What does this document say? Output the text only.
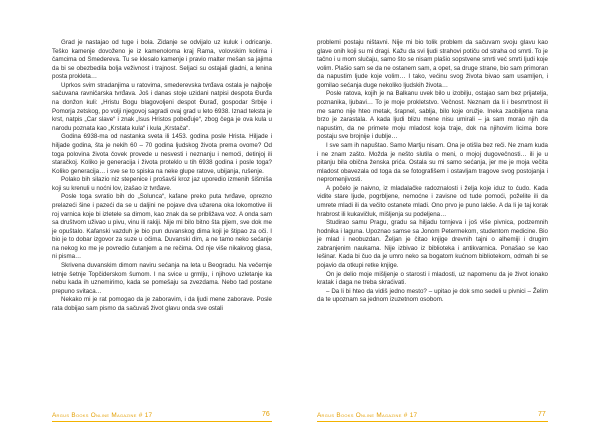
Grad je nastajao od tuge i bola. Zidanje se odvijalo uz kuluk i odricanje. Teško kamenje dovoženo je iz kamenoloma kraj Rama, volovskim kolima i čamcima od Smedereva. Tu se klesalo kamenje i pravio malter mešan sa jajima da bi se obezbedila bolja veživnost i trajnost. Seljaci su ostajali gladni, a lenina posta prokleta…

Uprkos svim stradanjima u ratovima, smederevska tvrđava ostala je najbolje sačuvana ravničarska tvrđava. Još i danas stoje uzidani natpisi despota Đurđa na donžon kuli: „Hristu Bogu blagovoljeni despot Đurađ, gospodar Srbije i Pomorja zetskog, po volji njegovoj sagradi ovaj grad u leto 6938. Iznad teksta je krst, natpis „Car slave“ i znak „Isus Hristos pobeđuje“, zbog čega je ova kula u narodu poznata kao „Krstata kula“ i kula „Krstača“.

Godina 6938-ma od nastanka sveta ili 1453. godina posle Hrista. Hiljade i hiljade godina, šta je nekih 60 – 70 godina ljudskog života prema ovome? Od toga polovina života čovek provede u nesvesti i neznanju i nemoći, detinjoj ili staračkoj. Koliko je generacija i života proteklo u tih 6938 godina i posle toga? Koliko generacija… i sve se to spiska na neke glupe ratove, ubijanja, rušenje.

Polako bih silazio niz stepenice i prošavši kroz jaz uporedio izmenih šišmiša koji su krenuli u noćni lov, izašao iz tvrđave.

Posle toga svratio bih do „Solunca“, kafane preko puta tvrđave, oprezno prelazeći šine i pazeći da se u daljini ne pojave dva užarena oka lokomotive ili roj varnica koje bi izletele sa dimom, kao znak da se približava voz. A onda sam sa društvom uživao u pivu, vinu ili rakiji. Nije mi bilo bitno šta pijem, sve dok me je opuštalo. Kafanski vazduh je bio pun duvanskog dima koji je štipao za oči. I bio je to dobar izgovor za suze u očima. Duvanski dim, a ne tamo neko sećanje na nekog ko me je povredio ćutanjem a ne rečima. Od nje više nikakvog glasa, ni pisma…

Skrivena duvanskim dimom naviru sećanja na leta u Beogradu. Na večernje letnje šetnje Topčiderskom šumom. I na svice u grmlju, i njihovo uzletanje ka nebu kada ih uznemirimo, kada se pomešaju sa zvezdama. Nebo tad postane prepuno svitaca…

Nekako mi je rat pomogao da je zaboravim, i da ljudi mene zaborave. Posle rata dobijao sam pismo da sačuvaš život glavu onda sve ostali

Argus Books Online Magazine # 17	76

problemi postaju ništavni. Nije mi bio tolik problem da sačuvam svoju glavu kao glave onih koji su mi dragi. Kažu da svi ljudi strahovi potiču od straha od smrti. To je tačno i u mom slučaju, samo što se nisam plašio sopstvene smrti već smrti ljudi koje volim. Plašio sam se da ne ostanem sam, a opet, sa druge strane, bio sam primoran da napustim ljude koje volim… I tako, većinu svog života bivao sam usamljen, i gomilao sećanja duge nekoliko ljudskih života…

Posle ratova, kojih je na Balkanu uvek bilo u izobilju, ostajao sam bez prijatelja, poznanika, ljubavi… To je moje prokletstvo. Večnost. Neznam da li i besmrtnost ili me samo nije hteo metak, šrapnel, sablja, bilo koje oružje. Ineka zaobiljena rana brzo je zarastala. A kada ljudi blizu mene nisu umirali – ja sam morao njih da napustim, da ne primete moju mladost koja traje, dok na njihovim licima bore postaju sve brojnije i dublje…

I sve sam ih napuštao. Samo Martju nisam. Ona je otišla bez reči. Ne znam kuda i ne znam zašto. Možda je nešto slutila o meni, o mojoj dugovečnosti… ili je u pitanju bila obična ženska prića. Ostala su mi samo sećanja, jer me je moja večita mladost obavezala od toga da se fotografišem i ostavljam tragove svog postojanja i nepromenjivosti.

A počelo je naivno, iz mladalačke radoznalosti i želja koje iduz to ćudo. Kada vidite stare ljude, pogrbljene, nemoćne i zavisne od tude pomoći, poželite ili da umrete mladi ili da večito ostanete mladi. Ono prvo je puno lakše. A da li je taj korak hrabrost ili kukavičluk, mišljenja su podeljena…

Studirao samu Pragu, gradu sa hiljadu tornjeva i još više pivnica, podzemnih hodnika i laguna. Upoznao samse sa Jonom Petermekom, studentom medicine. Bio je mlad i neobuzdan. Željan je čitao knjige drevnih tajni o alhemiji i drugim zabranjenim naukama. Nije izbivao iz biblioteka i antikvarnica. Ponašao se kao lešinar. Kada bi čuo da je umro neko sa bogatom kućnom bibliotekom, odmah bi se pojavio da otkupi retke knjige.

On je delio moje mišljenje o starosti i mladosti, uz napomenu da je život ionako kratak i daga ne treba skraćivati.

– Da li bi hteo da vidiš jedno mesto? – upitao je dok smo sedeli u pivnici – Želim da te upoznam sa jednom izuzetnom osobom.

Argus Books Online Magazine # 17	77
